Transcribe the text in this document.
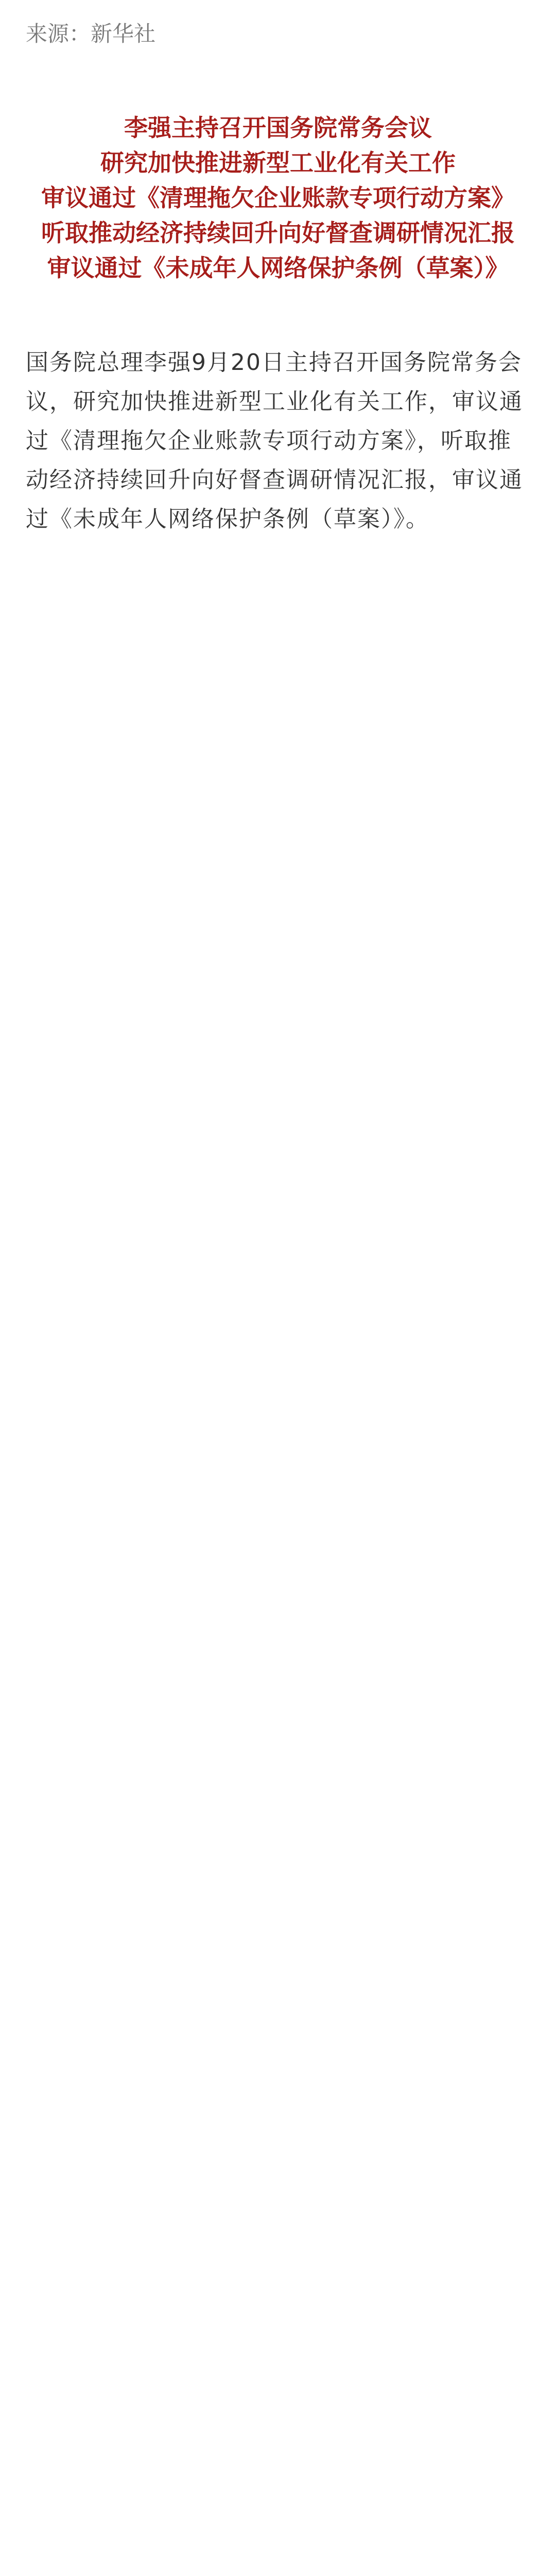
来源：新华社

李强主持召开国务院常务会议

研究加快推进新型工业化有关工作

审议通过《清理拖欠企业账款专项行动方案》

听取推动经济持续回升向好督查调研情况汇报

审议通过《未成年人网络保护条例（草案）》

国务院总理李强9月20日主持召开国务院常务会议，研究加快推进新型工业化有关工作，审议通过《清理拖欠企业账款专项行动方案》，听取推动经济持续回升向好督查调研情况汇报，审议通过《未成年人网络保护条例（草案）》。
